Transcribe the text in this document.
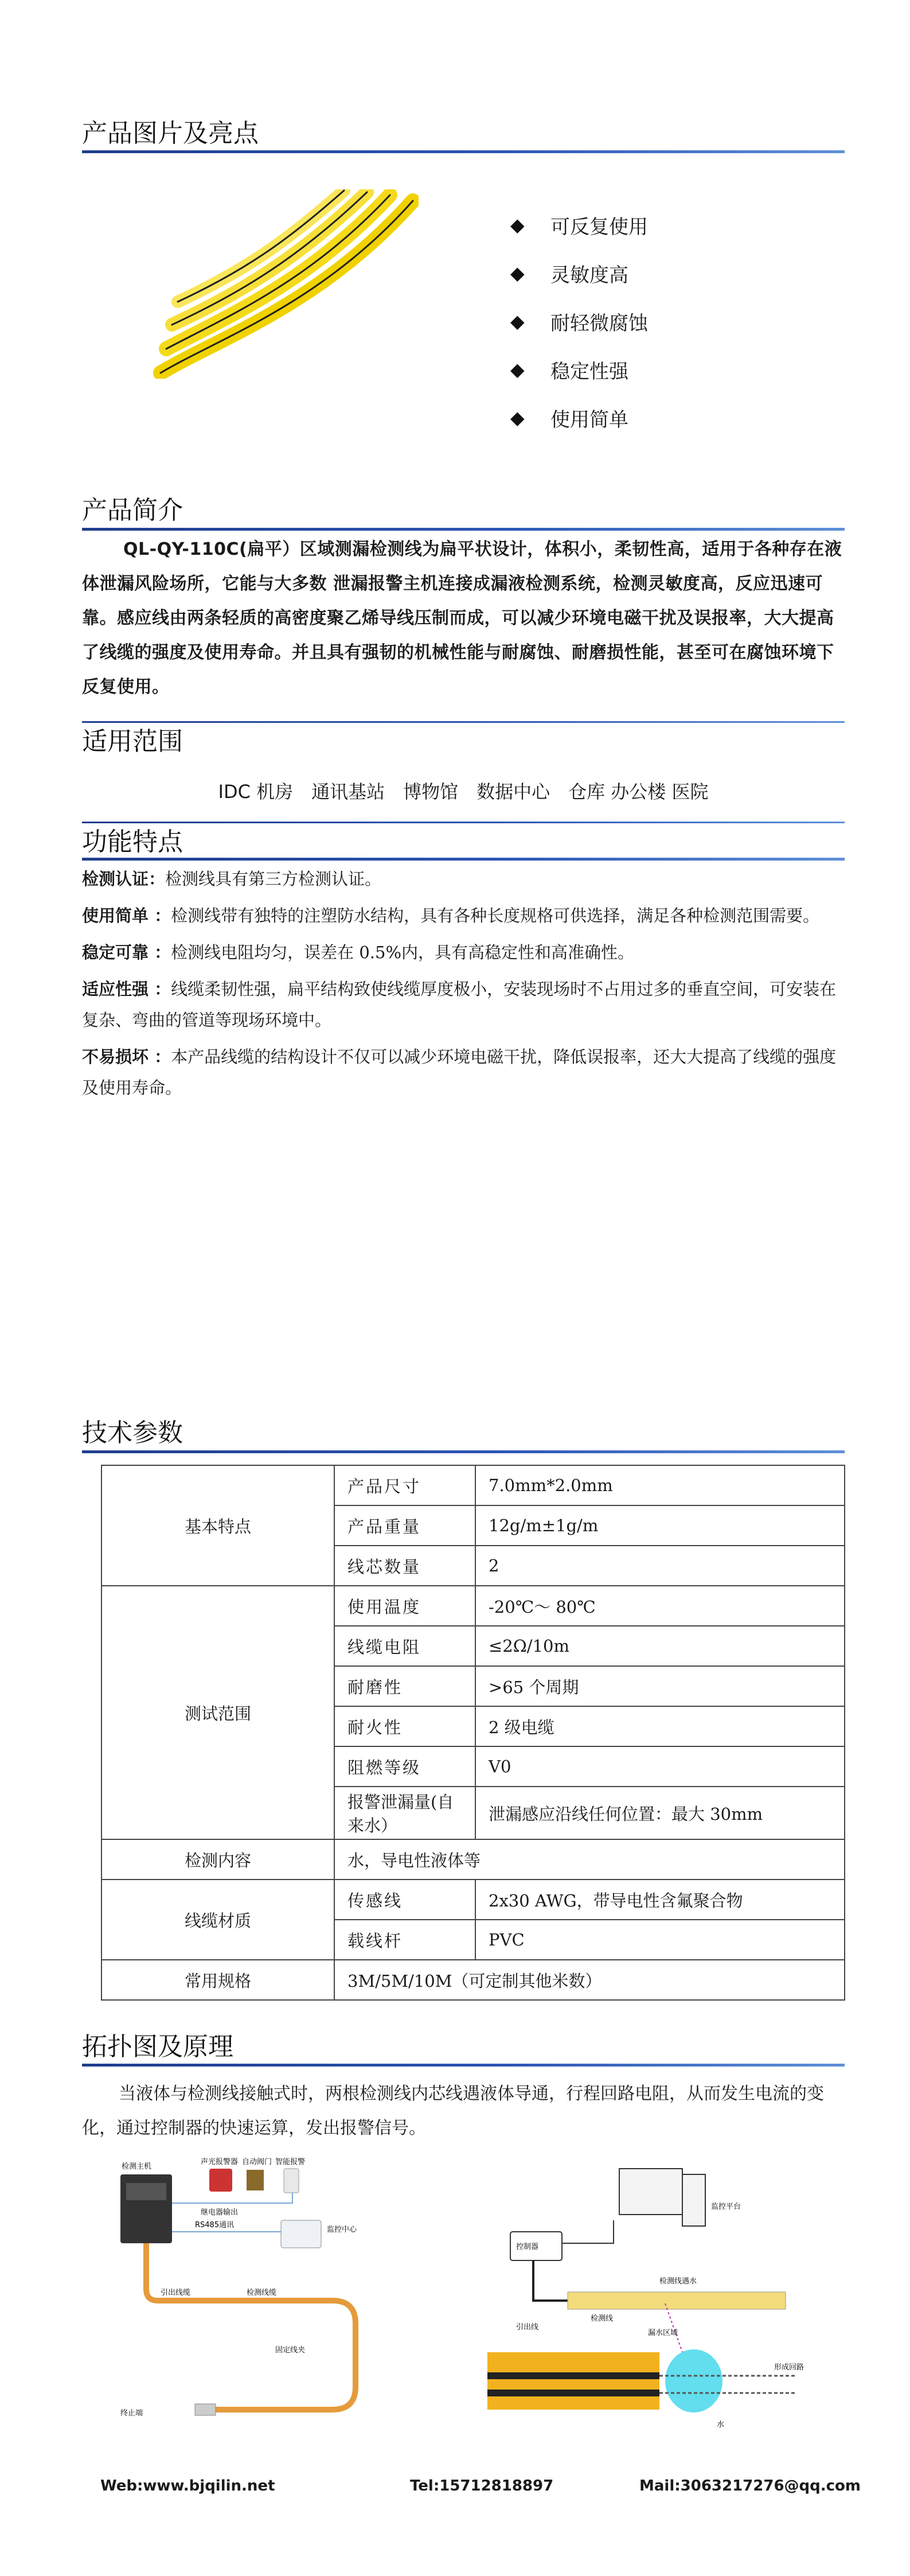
产品图片及亮点
◆	可反复使用
◆	灵敏度高
◆	耐轻微腐蚀
◆	稳定性强
◆	使用简单
产品简介

QL-QY-110C(扁平）区域测漏检测线为扁平状设计，体积小，柔韧性高，适用于各种存在液体泄漏风险场所，它能与大多数 泄漏报警主机连接成漏液检测系统，检测灵敏度高，反应迅速可靠。感应线由两条轻质的高密度聚乙烯导线压制而成，可以减少环境电磁干扰及误报率，大大提高了线缆的强度及使用寿命。并且具有强韧的机械性能与耐腐蚀、耐磨损性能，甚至可在腐蚀环境下反复使用。

适用范围
IDC 机房　通讯基站　博物馆　数据中心　仓库 办公楼 医院
功能特点

检测认证：检测线具有第三方检测认证。

使用简单 ：检测线带有独特的注塑防水结构，具有各种长度规格可供选择，满足各种检测范围需要。

稳定可靠 ：检测线电阻均匀，误差在 0.5%内，具有高稳定性和高准确性。

适应性强 ：线缆柔韧性强，扁平结构致使线缆厚度极小，安装现场时不占用过多的垂直空间，可安装在复杂、弯曲的管道等现场环境中。

不易损坏 ：本产品线缆的结构设计不仅可以减少环境电磁干扰，降低误报率，还大大提高了线缆的强度及使用寿命。

技术参数
基本特点	产品尺寸	7.0mm*2.0mm
	产品重量	12g/m±1g/m
	线芯数量	2
测试范围	使用温度	-20℃～ 80℃
	线缆电阻	≤2Ω/10m
	耐磨性	>65 个周期
	耐火性	2 级电缆
	阻燃等级	V0
	报警泄漏量(自来水）	泄漏感应沿线任何位置：最大 30mm
检测内容	水，导电性液体等	
线缆材质	传感线	2x30 AWG，带导电性含氟聚合物
	载线杆	PVC
常用规格	3M/5M/10M（可定制其他米数）	
拓扑图及原理

当液体与检测线接触式时，两根检测线内芯线遇液体导通，行程回路电阻，从而发生电流的变化，通过控制器的快速运算，发出报警信号。

检测主机
声光报警器 自动阀门 智能报警
继电器输出
RS485通讯
监控中心
引出线缆	检测线缆
固定线夹
终止端
监控平台
控制器
引出线
检测线
检测线遇水
漏水区域
形成回路
水
Web:www.bjqilin.net	Tel:15712818897	Mail:3063217276@qq.com
